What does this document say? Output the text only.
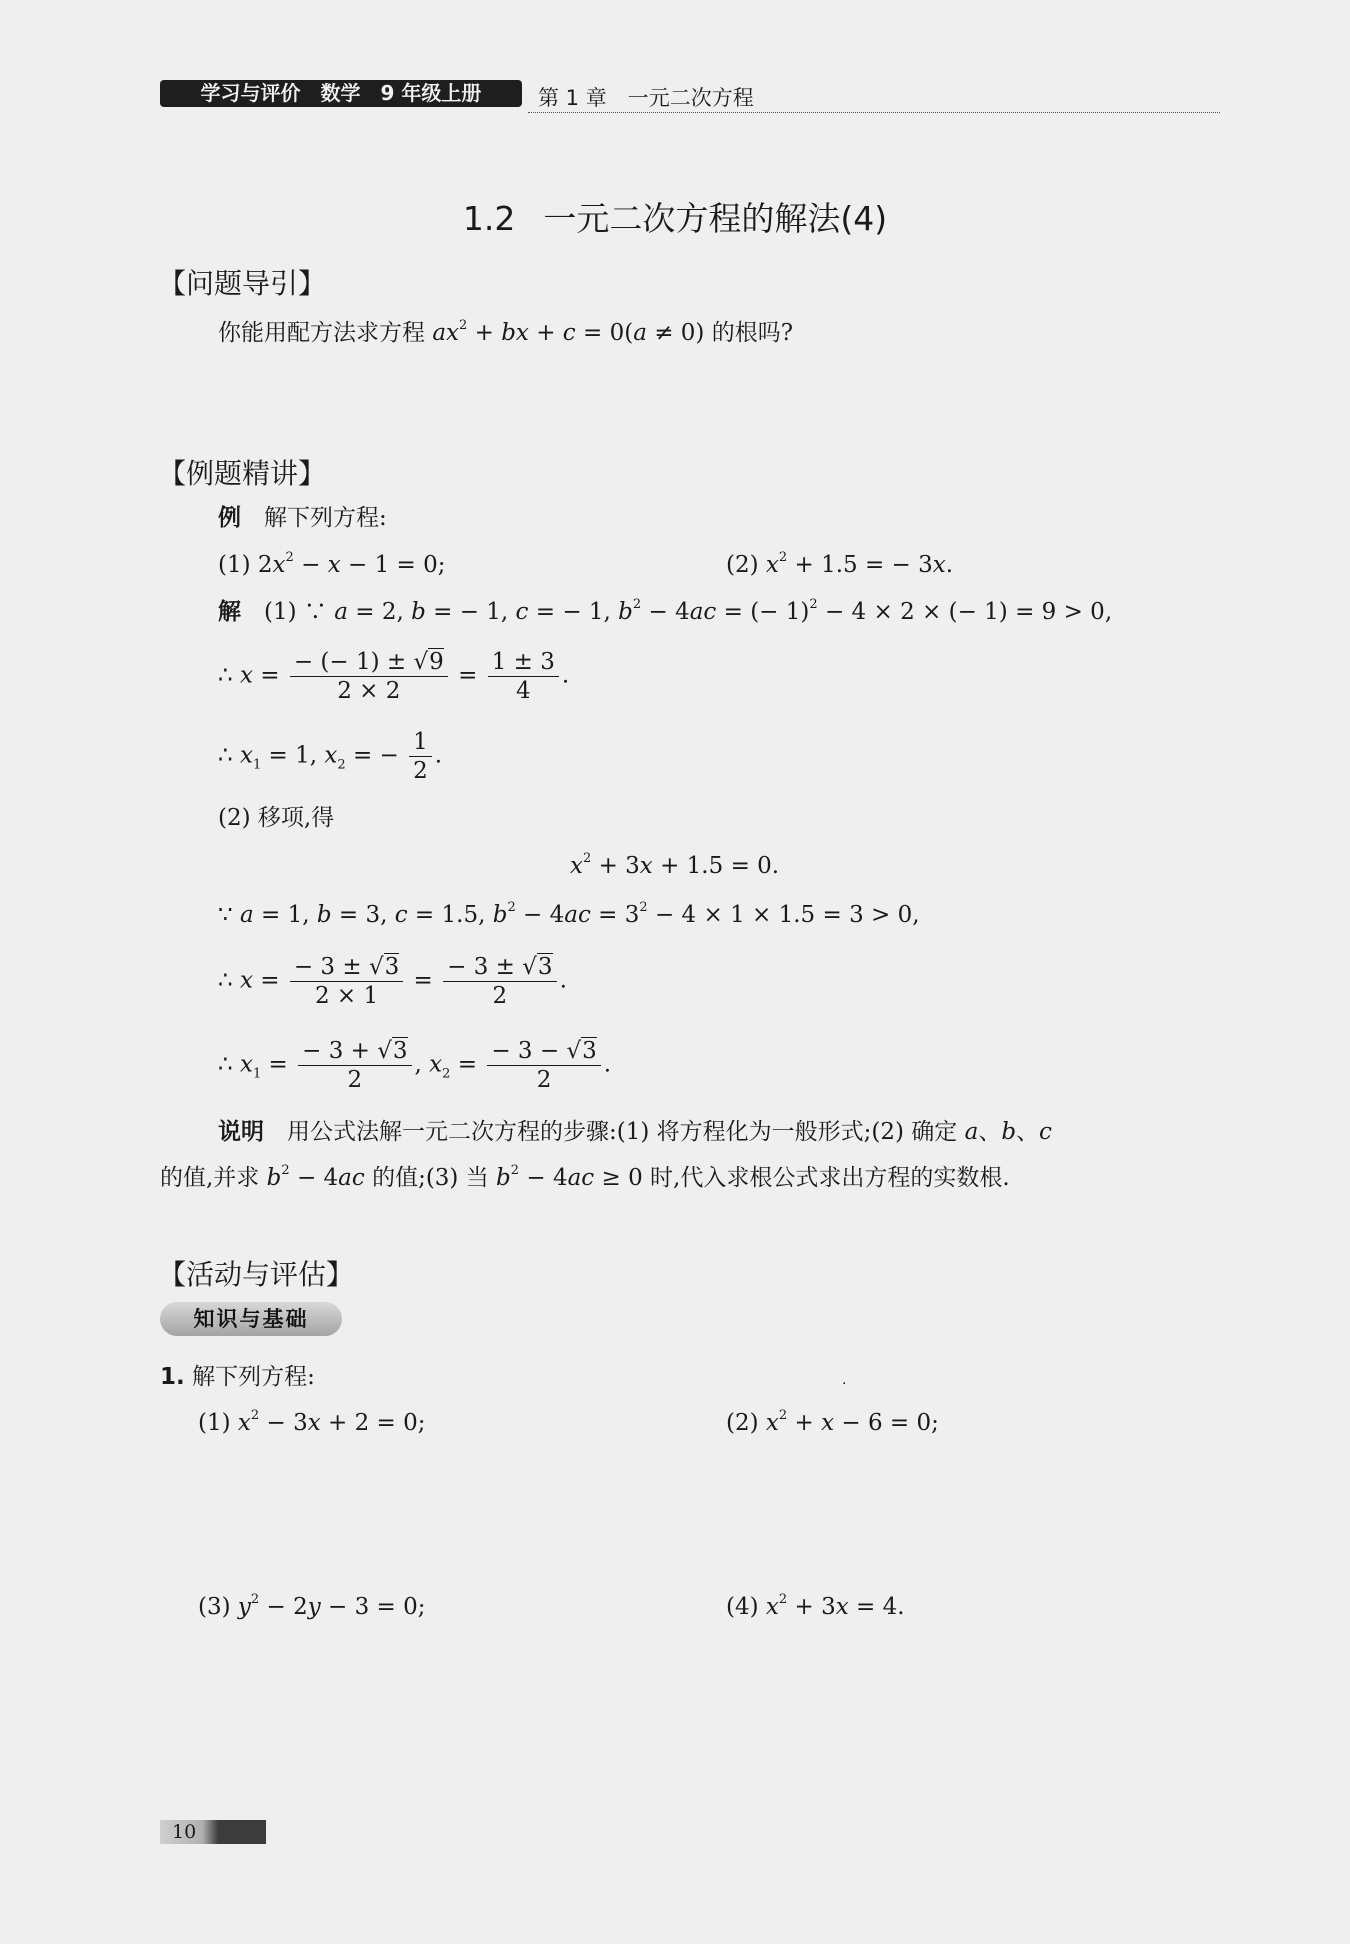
学习与评价　数学　9 年级上册	第 1 章　一元二次方程
1.2 一元二次方程的解法(4)
【问题导引】
你能用配方法求方程 $ax^2$ + bx + c = 0(a ≠ 0) 的根吗?
【例题精讲】
例　 解下列方程:
(1) $2x^2 - x - 1 = 0$;	(2) $x^2 + 1.5$ = − 3x.
解　(1) ∵ a = 2, b = − 1, c = − 1, $b^2 - 4ac$ = (− 1)$^2$ − 4 × 2 × (− 1) = 9 > 0,
∴ $x = \frac{- (- 1) \pm √9}{2 \times 2} = \frac{1 \pm 3}{4}$ .
∴ $x_1 = 1$, $x_2$ = − $\frac{1}{2}$ .
(2) 移项,得
$x^2 + 3x + 1.5 = 0$.
∵ a = 1, b = 3, c = 1.5, $b^2 - 4ac = 3^2 - 4 \times 1 \times 1.5 = 3 > 0$,
∴ $x = \frac{- 3 \pm √3}{2 \times 1} = \frac{- 3 \pm √3}{2}$ .
∴ $x_1 = \frac{- 3 + √3}{2}$ , $x_2 = \frac{- 3 - √3}{2}$ .
说明　 用公式法解一元二次方程的步骤:(1) 将方程化为一般形式;(2) 确定 a、b、c
的值,并求 $b^2 - 4ac$ 的值;(3) 当 $b^2 - 4ac \ge 0$ 时,代入求根公式求出方程的实数根.
【活动与评估】
知识与基础
1. 解下列方程:	·
(1) $x^2 - 3x + 2 = 0$;	(2) $x^2 + x - 6 = 0$;
(3) $y^2 - 2y - 3 = 0$;	(4) $x^2 + 3x = 4$.
10
